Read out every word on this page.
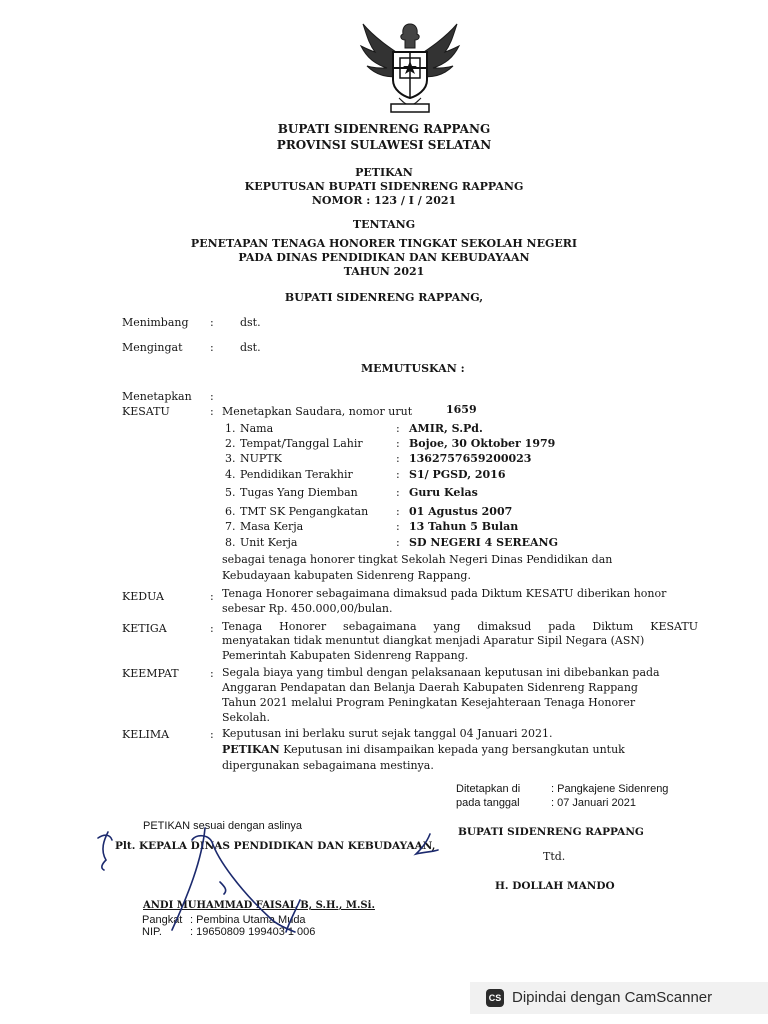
BUPATI SIDENRENG RAPPANG
PROVINSI SULAWESI SELATAN
PETIKAN
KEPUTUSAN BUPATI SIDENRENG RAPPANG
NOMOR : 123 / I / 2021
TENTANG
PENETAPAN TENAGA HONORER TINGKAT SEKOLAH NEGERI
PADA DINAS PENDIDIKAN DAN KEBUDAYAAN
TAHUN 2021
BUPATI SIDENRENG RAPPANG,
Menimbang : dst.
Mengingat : dst.
MEMUTUSKAN :
Menetapkan :
KESATU	: Menetapkan Saudara, nomor urut	1659
1. Nama	: AMIR, S.Pd.
2. Tempat/Tanggal Lahir	: Bojoe, 30 Oktober 1979
3. NUPTK	: 1362757659200023
4. Pendidikan Terakhir	: S1/ PGSD, 2016
5. Tugas Yang Diemban	: Guru Kelas
6. TMT SK Pengangkatan	: 01 Agustus 2007
7. Masa Kerja	: 13 Tahun 5 Bulan
8. Unit Kerja	: SD NEGERI 4 SEREANG
sebagai tenaga honorer tingkat Sekolah Negeri Dinas Pendidikan dan
Kebudayaan kabupaten Sidenreng Rappang.
KEDUA	: Tenaga Honorer sebagaimana dimaksud pada Diktum KESATU diberikan honor
sebesar Rp. 450.000,00/bulan.
KETIGA	: Tenaga Honorer sebagaimana yang dimaksud pada Diktum KESATU
menyatakan tidak menuntut diangkat menjadi Aparatur Sipil Negara (ASN)
Pemerintah Kabupaten Sidenreng Rappang.
KEEMPAT	: Segala biaya yang timbul dengan pelaksanaan keputusan ini dibebankan pada
Anggaran Pendapatan dan Belanja Daerah Kabupaten Sidenreng Rappang
Tahun 2021 melalui Program Peningkatan Kesejahteraan Tenaga Honorer
Sekolah.
KELIMA	: Keputusan ini berlaku surut sejak tanggal 04 Januari 2021.
PETIKAN Keputusan ini disampaikan kepada yang bersangkutan untuk
dipergunakan sebagaimana mestinya.
Ditetapkan di	: Pangkajene Sidenreng
pada tanggal	: 07 Januari 2021
BUPATI SIDENRENG RAPPANG
Ttd.
H. DOLLAH MANDO
PETIKAN sesuai dengan aslinya
Plt. KEPALA DINAS PENDIDIKAN DAN KEBUDAYAAN,
ANDI MUHAMMAD FAISAL B, S.H., M.Si.
Pangkat : Pembina Utama Muda
NIP.	: 19650809 199403 1 006
CS Dipindai dengan CamScanner
